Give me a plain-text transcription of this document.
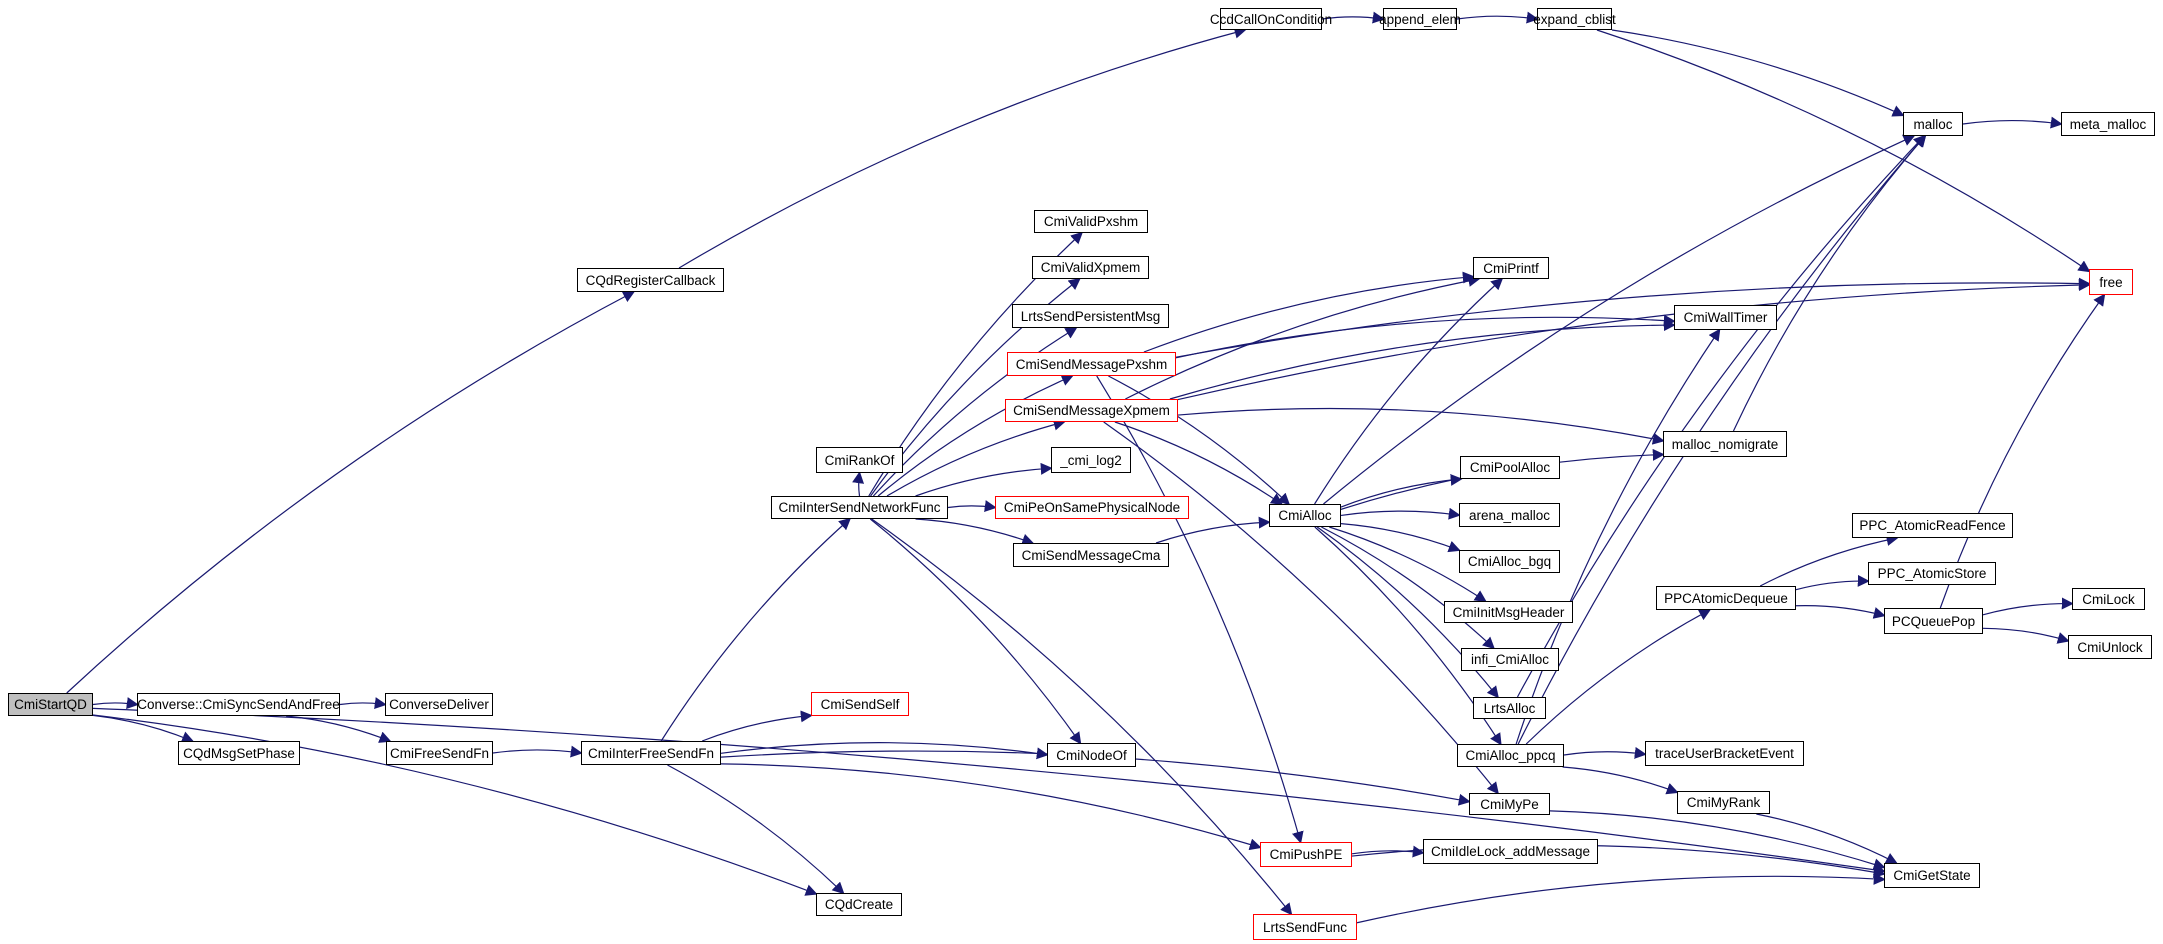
CmiStartQD	Converse::CmiSyncSendAndFree	ConverseDeliver
CQdMsgSetPhase	CmiFreeSendFn	CmiInterFreeSendFn
CmiSendSelf
CQdCreate
CQdRegisterCallback
CcdCallOnCondition	append_elem	expand_cblist
malloc	meta_malloc
free
CmiRankOf
CmiInterSendNetworkFunc
CmiValidPxshm
CmiValidXpmem
LrtsSendPersistentMsg
CmiSendMessagePxshm
CmiSendMessageXpmem
_cmi_log2
CmiPeOnSamePhysicalNode
CmiSendMessageCma
CmiPrintf
CmiWallTimer
malloc_nomigrate
CmiPoolAlloc
CmiAlloc	arena_malloc
CmiAlloc_bgq
CmiInitMsgHeader
infi_CmiAlloc
LrtsAlloc
CmiAlloc_ppcq
CmiMyPe
PPCAtomicDequeue
PPC_AtomicReadFence
PPC_AtomicStore
PCQueuePop
CmiLock
CmiUnlock
traceUserBracketEvent
CmiMyRank
CmiGetState
CmiNodeOf
CmiPushPE	CmiIdleLock_addMessage
LrtsSendFunc
